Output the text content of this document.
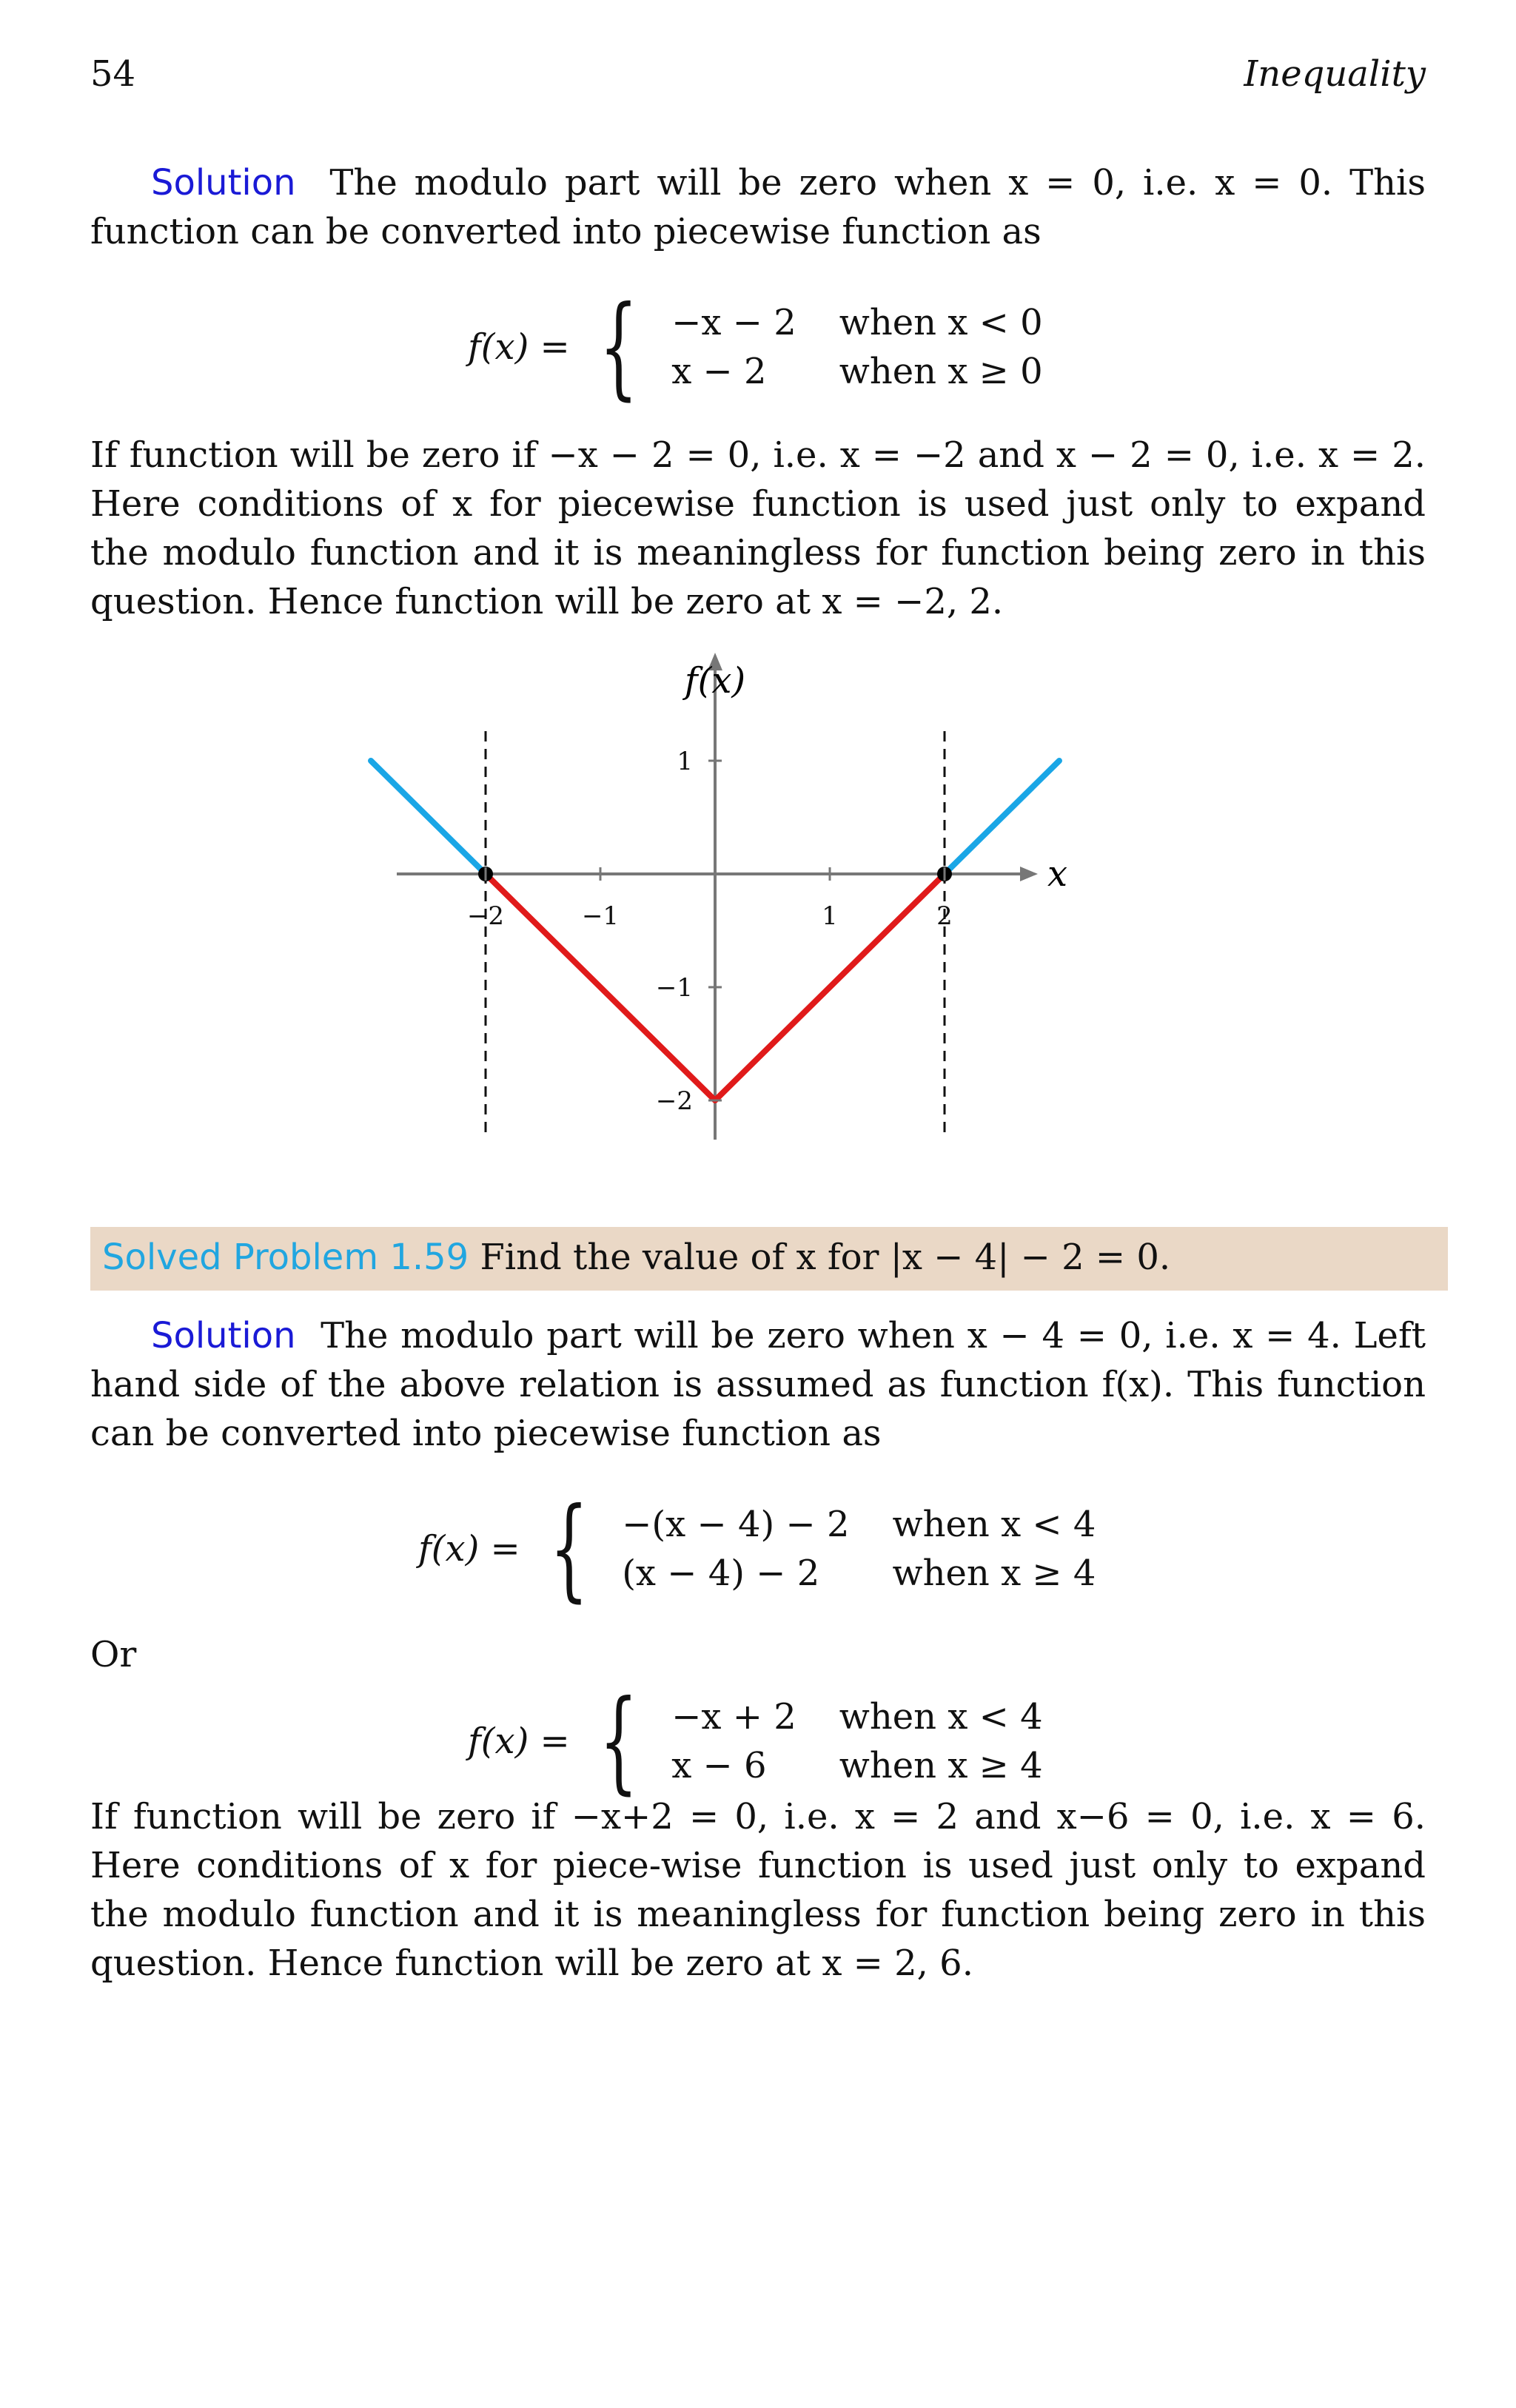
54	Inequality
Solution The modulo part will be zero when x = 0, i.e. x = 0. This function can be converted into piecewise function as
f(x) = { −x − 2 when x < 0
x − 2	when x ≥ 0
If function will be zero if −x − 2 = 0, i.e. x = −2 and x − 2 = 0, i.e. x = 2. Here conditions of x for piecewise function is used just only to expand the modulo function and it is meaningless for function being zero in this question. Hence function will be zero at x = −2, 2.
−2	−1	1	2
1
−1
−2
f(x)
x
Solved Problem 1.59 Find the value of x for |x − 4| − 2 = 0.
Solution The modulo part will be zero when x − 4 = 0, i.e. x = 4. Left hand side of the above relation is assumed as function f(x). This function can be converted into piecewise function as
f(x) = { −(x − 4) − 2 when x < 4
(x − 4) − 2	when x ≥ 4
Or
f(x) = { −x + 2 when x < 4
x − 6	when x ≥ 4
If function will be zero if −x+2 = 0, i.e. x = 2 and x−6 = 0, i.e. x = 6. Here conditions of x for piece-wise function is used just only to expand the modulo function and it is meaningless for function being zero in this question. Hence function will be zero at x = 2, 6.
